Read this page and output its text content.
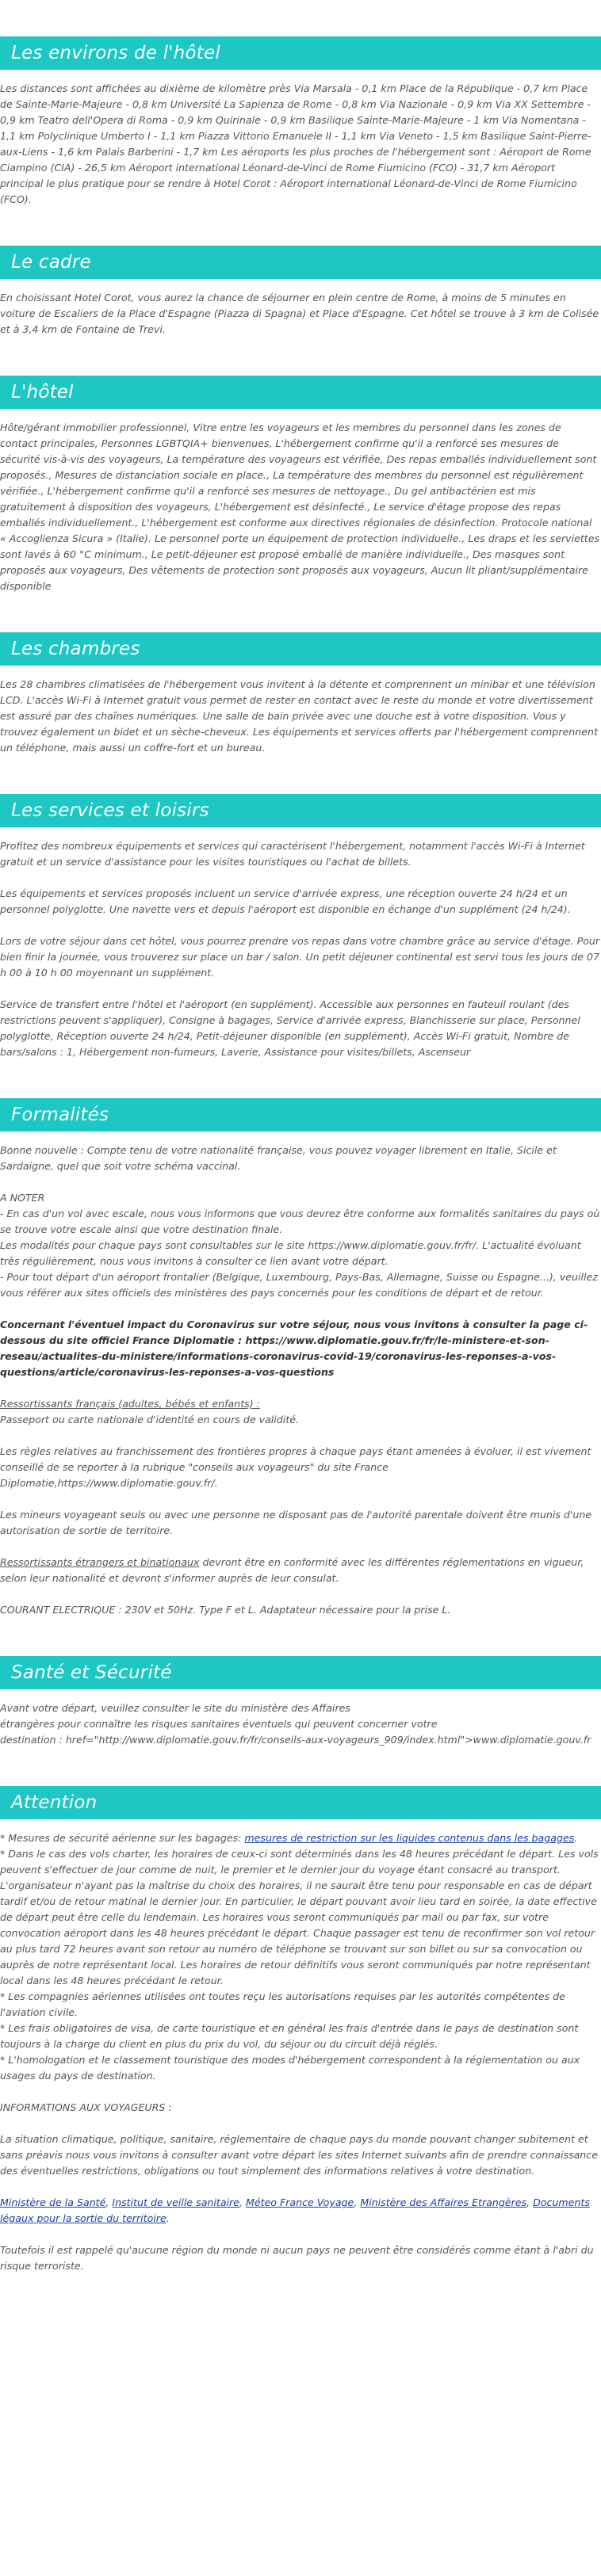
Les environs de l'hôtel

Les distances sont affichées au dixième de kilomètre près Via Marsala - 0,1 km Place de la République - 0,7 km Place de Sainte-Marie-Majeure - 0,8 km Université La Sapienza de Rome - 0,8 km Via Nazionale - 0,9 km Via XX Settembre - 0,9 km Teatro dell'Opera di Roma - 0,9 km Quirinale - 0,9 km Basilique Sainte-Marie-Majeure - 1 km Via Nomentana - 1,1 km Polyclinique Umberto I - 1,1 km Piazza Vittorio Emanuele II - 1,1 km Via Veneto - 1,5 km Basilique Saint-Pierre-aux-Liens - 1,6 km Palais Barberini - 1,7 km Les aéroports les plus proches de l'hébergement sont : Aéroport de Rome Ciampino (CIA) - 26,5 km Aéroport international Léonard-de-Vinci de Rome Fiumicino (FCO) - 31,7 km Aéroport principal le plus pratique pour se rendre à Hotel Corot : Aéroport international Léonard-de-Vinci de Rome Fiumicino (FCO).

Le cadre

En choisissant Hotel Corot, vous aurez la chance de séjourner en plein centre de Rome, à moins de 5 minutes en voiture de Escaliers de la Place d'Espagne (Piazza di Spagna) et Place d'Espagne. Cet hôtel se trouve à 3 km de Colisée et à 3,4 km de Fontaine de Trevi.

L'hôtel

Hôte/gérant immobilier professionnel, Vitre entre les voyageurs et les membres du personnel dans les zones de contact principales, Personnes LGBTQIA+ bienvenues, L'hébergement confirme qu'il a renforcé ses mesures de sécurité vis-à-vis des voyageurs, La température des voyageurs est vérifiée, Des repas emballés individuellement sont proposés., Mesures de distanciation sociale en place., La température des membres du personnel est régulièrement vérifiée., L'hébergement confirme qu'il a renforcé ses mesures de nettoyage., Du gel antibactérien est mis gratuitement à disposition des voyageurs, L'hébergement est désinfecté., Le service d'étage propose des repas emballés individuellement., L'hébergement est conforme aux directives régionales de désinfection. Protocole national « Accoglienza Sicura » (Italie). Le personnel porte un équipement de protection individuelle., Les draps et les serviettes sont lavés à 60 °C minimum., Le petit-déjeuner est proposé emballé de manière individuelle., Des masques sont proposés aux voyageurs, Des vêtements de protection sont proposés aux voyageurs, Aucun lit pliant/supplémentaire disponible

Les chambres

Les 28 chambres climatisées de l'hébergement vous invitent à la détente et comprennent un minibar et une télévision LCD. L'accès Wi-Fi à Internet gratuit vous permet de rester en contact avec le reste du monde et votre divertissement est assuré par des chaînes numériques. Une salle de bain privée avec une douche est à votre disposition. Vous y trouvez également un bidet et un sèche-cheveux. Les équipements et services offerts par l'hébergement comprennent un téléphone, mais aussi un coffre-fort et un bureau.

Les services et loisirs

Profitez des nombreux équipements et services qui caractérisent l'hébergement, notamment l'accès Wi-Fi à Internet gratuit et un service d'assistance pour les visites touristiques ou l'achat de billets.

Les équipements et services proposés incluent un service d'arrivée express, une réception ouverte 24 h/24 et un personnel polyglotte. Une navette vers et depuis l'aéroport est disponible en échange d'un supplément (24 h/24).

Lors de votre séjour dans cet hôtel, vous pourrez prendre vos repas dans votre chambre grâce au service d'étage. Pour bien finir la journée, vous trouverez sur place un bar / salon. Un petit déjeuner continental est servi tous les jours de 07 h 00 à 10 h 00 moyennant un supplément.

Service de transfert entre l'hôtel et l'aéroport (en supplément). Accessible aux personnes en fauteuil roulant (des restrictions peuvent s'appliquer), Consigne à bagages, Service d'arrivée express, Blanchisserie sur place, Personnel polyglotte, Réception ouverte 24 h/24, Petit-déjeuner disponible (en supplément), Accès Wi-Fi gratuit, Nombre de bars/salons : 1, Hébergement non-fumeurs, Laverie, Assistance pour visites/billets, Ascenseur

Formalités

Bonne nouvelle : Compte tenu de votre nationalité française, vous pouvez voyager librement en Italie, Sicile et Sardaigne, quel que soit votre schéma vaccinal.

A NOTER
- En cas d'un vol avec escale, nous vous informons que vous devrez être conforme aux formalités sanitaires du pays où se trouve votre escale ainsi que votre destination finale.
Les modalités pour chaque pays sont consultables sur le site https://www.diplomatie.gouv.fr/fr/. L'actualité évoluant très régulièrement, nous vous invitons à consulter ce lien avant votre départ.
- Pour tout départ d'un aéroport frontalier (Belgique, Luxembourg, Pays-Bas, Allemagne, Suisse ou Espagne...), veuillez vous référer aux sites officiels des ministères des pays concernés pour les conditions de départ et de retour.

Concernant l'éventuel impact du Coronavirus sur votre séjour, nous vous invitons à consulter la page ci-dessous du site officiel France Diplomatie : https://www.diplomatie.gouv.fr/fr/le-ministere-et-son-reseau/actualites-du-ministere/informations-coronavirus-covid-19/coronavirus-les-reponses-a-vos-questions/article/coronavirus-les-reponses-a-vos-questions

Ressortissants français (adultes, bébés et enfants) :
Passeport ou carte nationale d'identité en cours de validité.

Les règles relatives au franchissement des frontières propres à chaque pays étant amenées à évoluer, il est vivement conseillé de se reporter à la rubrique "conseils aux voyageurs" du site France Diplomatie,https://www.diplomatie.gouv.fr/.

Les mineurs voyageant seuls ou avec une personne ne disposant pas de l'autorité parentale doivent être munis d'une autorisation de sortie de territoire.

Ressortissants étrangers et binationaux devront être en conformité avec les différentes réglementations en vigueur, selon leur nationalité et devront s'informer auprès de leur consulat.

COURANT ELECTRIQUE : 230V et 50Hz. Type F et L. Adaptateur nécessaire pour la prise L.

Santé et Sécurité

Avant votre départ, veuillez consulter le site du ministère des Affaires
étrangères pour connaître les risques sanitaires éventuels qui peuvent concerner votre
destination : href="http://www.diplomatie.gouv.fr/fr/conseils-aux-voyageurs_909/index.html">www.diplomatie.gouv.fr

Attention

* Mesures de sécurité aérienne sur les bagages: mesures de restriction sur les liquides contenus dans les bagages.
* Dans le cas des vols charter, les horaires de ceux-ci sont déterminés dans les 48 heures précédant le départ. Les vols peuvent s'effectuer de jour comme de nuit, le premier et le dernier jour du voyage étant consacré au transport. L'organisateur n'ayant pas la maîtrise du choix des horaires, il ne saurait être tenu pour responsable en cas de départ tardif et/ou de retour matinal le dernier jour. En particulier, le départ pouvant avoir lieu tard en soirée, la date effective de départ peut être celle du lendemain. Les horaires vous seront communiqués par mail ou par fax, sur votre convocation aéroport dans les 48 heures précédant le départ. Chaque passager est tenu de reconfirmer son vol retour au plus tard 72 heures avant son retour au numéro de téléphone se trouvant sur son billet ou sur sa convocation ou auprès de notre représentant local. Les horaires de retour définitifs vous seront communiqués par notre représentant local dans les 48 heures précédant le retour.
* Les compagnies aériennes utilisées ont toutes reçu les autorisations requises par les autorités compétentes de l'aviation civile.
* Les frais obligatoires de visa, de carte touristique et en général les frais d'entrée dans le pays de destination sont toujours à la charge du client en plus du prix du vol, du séjour ou du circuit déjà réglés.
* L'homologation et le classement touristique des modes d'hébergement correspondent à la réglementation ou aux usages du pays de destination.

INFORMATIONS AUX VOYAGEURS :

La situation climatique, politique, sanitaire, réglementaire de chaque pays du monde pouvant changer subitement et sans préavis nous vous invitons à consulter avant votre départ les sites Internet suivants afin de prendre connaissance des éventuelles restrictions, obligations ou tout simplement des informations relatives à votre destination.

Ministère de la Santé, Institut de veille sanitaire, Méteo France Voyage, Ministère des Affaires Etrangères, Documents légaux pour la sortie du territoire.

Toutefois il est rappelé qu'aucune région du monde ni aucun pays ne peuvent être considérés comme étant à l'abri du risque terroriste.
